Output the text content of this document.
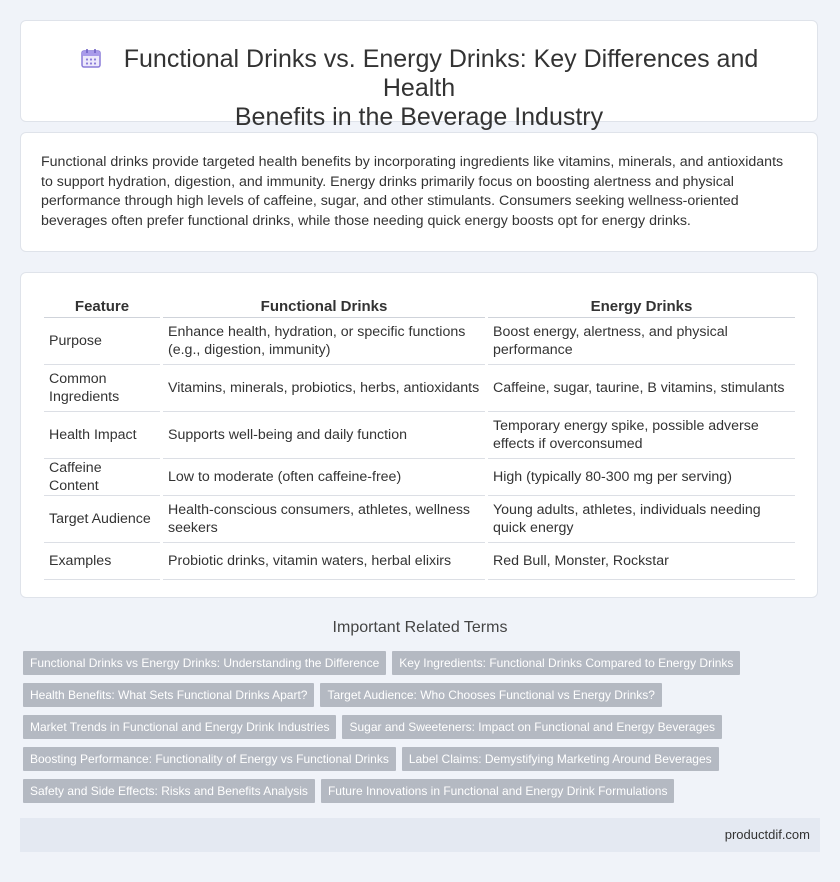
Functional Drinks vs. Energy Drinks: Key Differences and Health
Benefits in the Beverage Industry

Functional drinks provide targeted health benefits by incorporating ingredients like vitamins, minerals, and antioxidants to support hydration, digestion, and immunity. Energy drinks primarily focus on boosting alertness and physical performance through high levels of caffeine, sugar, and other stimulants. Consumers seeking wellness-oriented beverages often prefer functional drinks, while those needing quick energy boosts opt for energy drinks.

Feature	Functional Drinks	Energy Drinks
Purpose	Enhance health, hydration, or specific functions (e.g., digestion, immunity)	Boost energy, alertness, and physical performance
Common Ingredients	Vitamins, minerals, probiotics, herbs, antioxidants	Caffeine, sugar, taurine, B vitamins, stimulants
Health Impact	Supports well-being and daily function	Temporary energy spike, possible adverse effects if overconsumed
Caffeine Content	Low to moderate (often caffeine-free)	High (typically 80-300 mg per serving)
Target Audience	Health-conscious consumers, athletes, wellness seekers	Young adults, athletes, individuals needing quick energy
Examples	Probiotic drinks, vitamin waters, herbal elixirs	Red Bull, Monster, Rockstar
Important Related Terms
Functional Drinks vs Energy Drinks: Understanding the Difference Key Ingredients: Functional Drinks Compared to Energy Drinks
Health Benefits: What Sets Functional Drinks Apart? Target Audience: Who Chooses Functional vs Energy Drinks?
Market Trends in Functional and Energy Drink Industries Sugar and Sweeteners: Impact on Functional and Energy Beverages
Boosting Performance: Functionality of Energy vs Functional Drinks Label Claims: Demystifying Marketing Around Beverages
Safety and Side Effects: Risks and Benefits Analysis Future Innovations in Functional and Energy Drink Formulations
productdif.com
